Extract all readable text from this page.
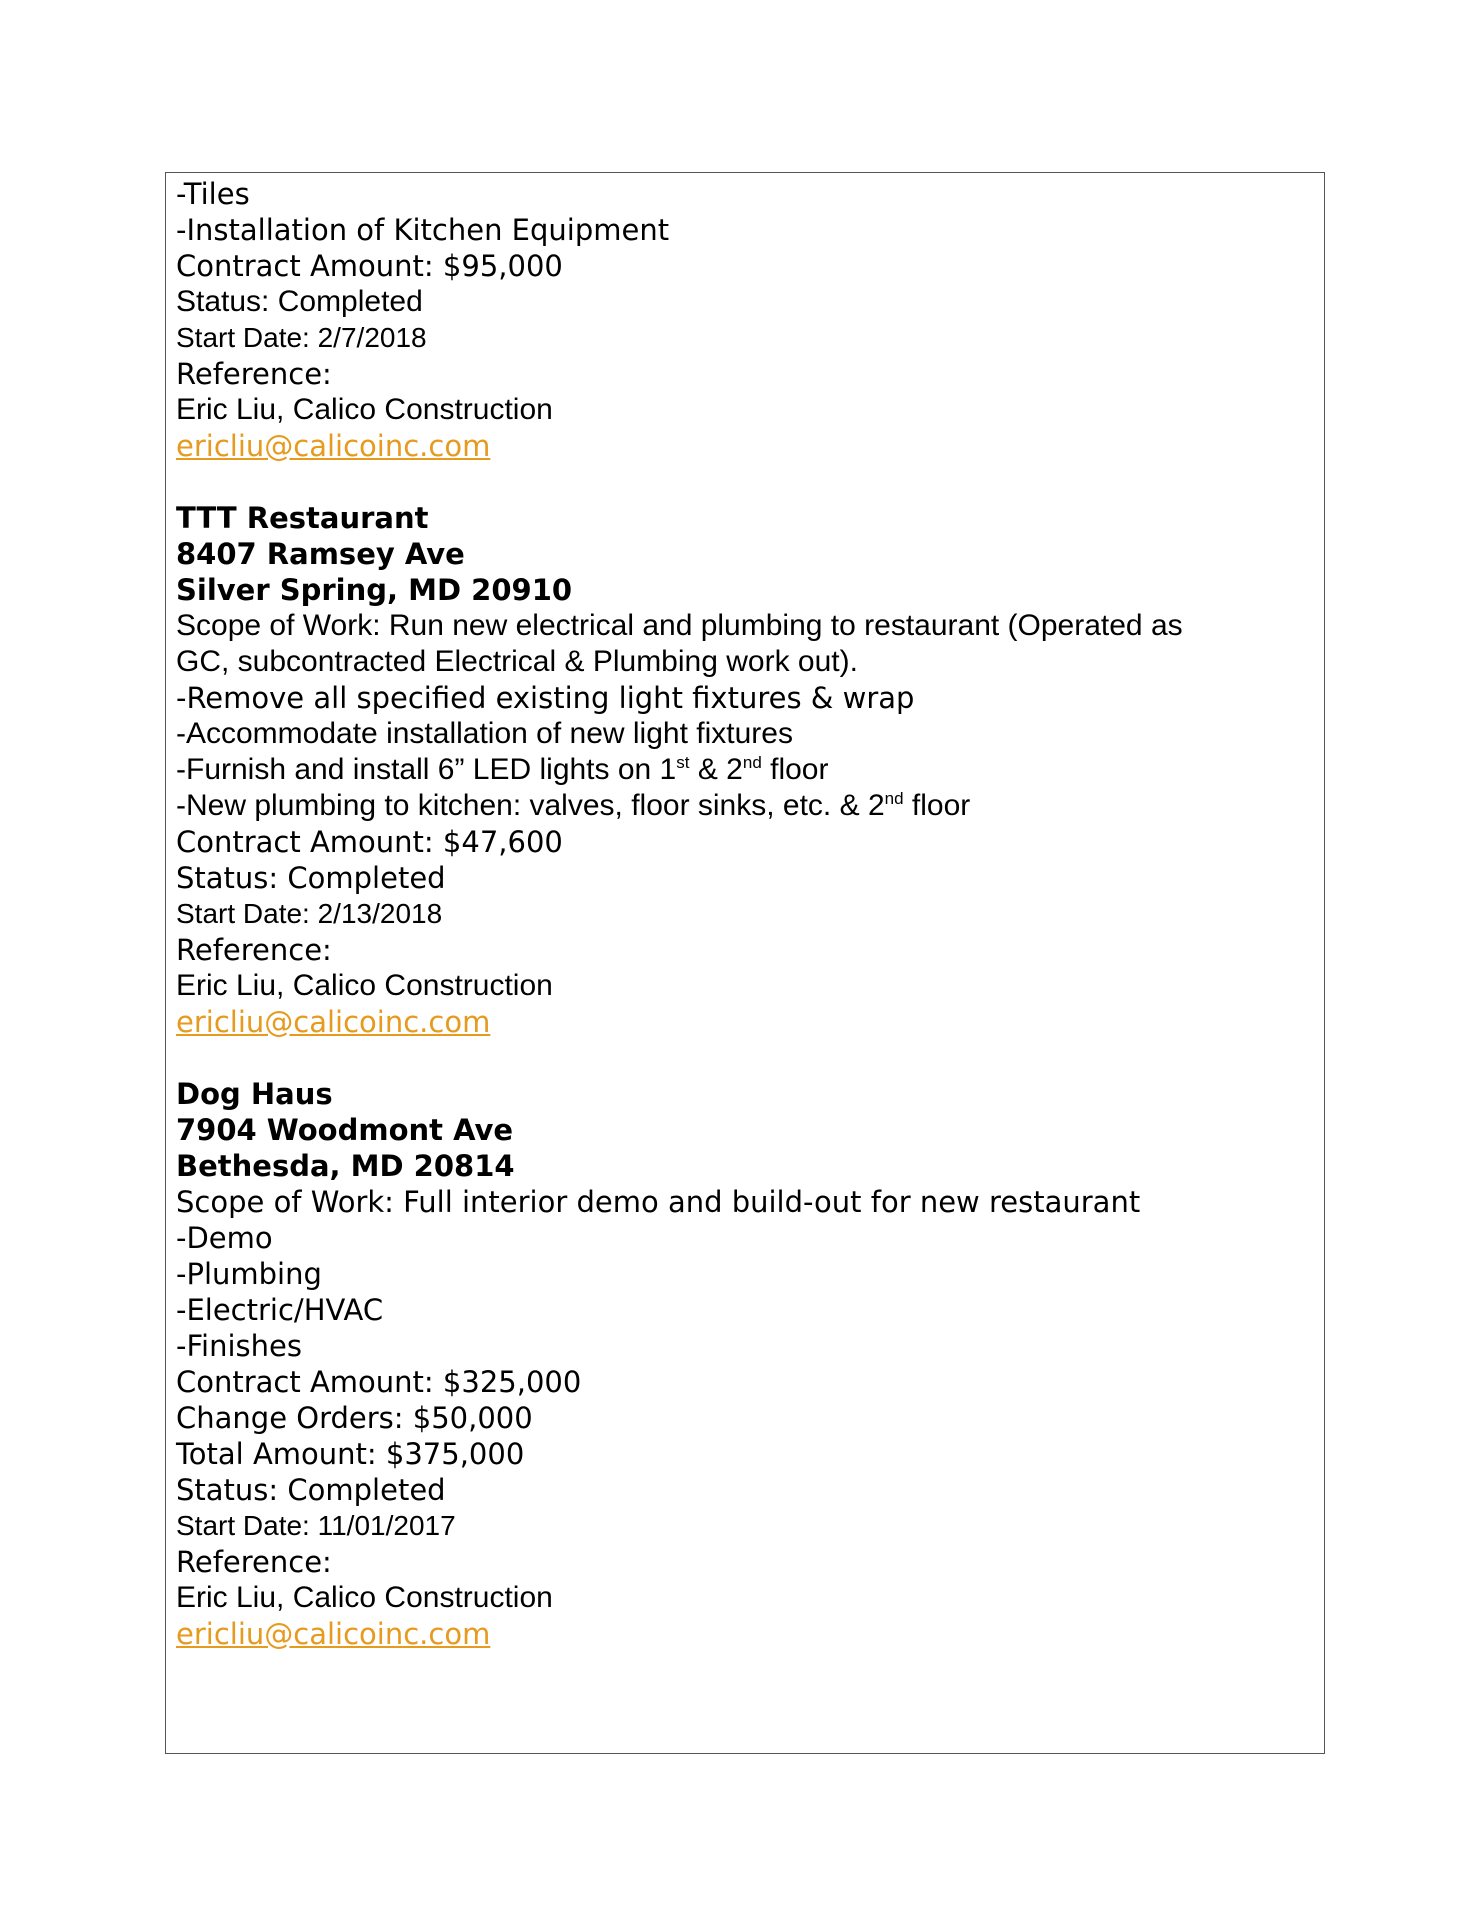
-Tiles
-Installation of Kitchen Equipment
Contract Amount: $95,000
Status: Completed
Start Date: 2/7/2018
Reference:
Eric Liu, Calico Construction
ericliu@calicoinc.com
TTT Restaurant
8407 Ramsey Ave
Silver Spring, MD 20910
Scope of Work: Run new electrical and plumbing to restaurant (Operated as
GC, subcontracted Electrical & Plumbing work out).
-Remove all specified existing light fixtures & wrap
-Accommodate installation of new light fixtures
-Furnish and install 6” LED lights on 1st & 2nd floor
-New plumbing to kitchen: valves, floor sinks, etc. & 2nd floor
Contract Amount: $47,600
Status: Completed
Start Date: 2/13/2018
Reference:
Eric Liu, Calico Construction
ericliu@calicoinc.com
Dog Haus
7904 Woodmont Ave
Bethesda, MD 20814
Scope of Work: Full interior demo and build-out for new restaurant
-Demo
-Plumbing
-Electric/HVAC
-Finishes
Contract Amount: $325,000
Change Orders: $50,000
Total Amount: $375,000
Status: Completed
Start Date: 11/01/2017
Reference:
Eric Liu, Calico Construction
ericliu@calicoinc.com
